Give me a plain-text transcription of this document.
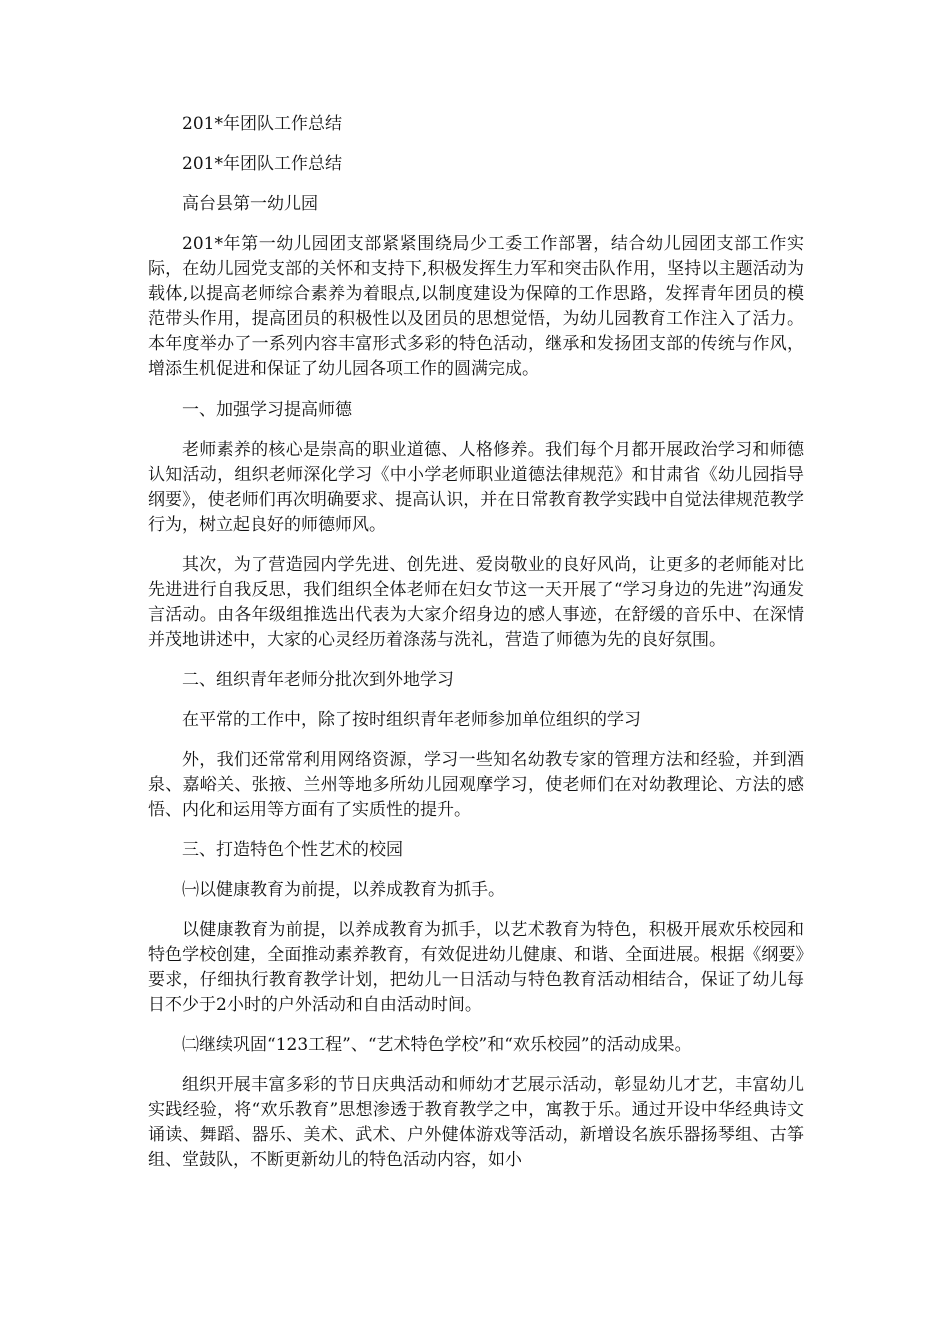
201*年团队工作总结

201*年团队工作总结

高台县第一幼儿园

201*年第一幼儿园团支部紧紧围绕局少工委工作部署，结合幼儿园团支部工作实际，在幼儿园党支部的关怀和支持下,积极发挥生力军和突击队作用，坚持以主题活动为载体,以提高老师综合素养为着眼点,以制度建设为保障的工作思路，发挥青年团员的模范带头作用，提高团员的积极性以及团员的思想觉悟，为幼儿园教育工作注入了活力。本年度举办了一系列内容丰富形式多彩的特色活动，继承和发扬团支部的传统与作风，增添生机促进和保证了幼儿园各项工作的圆满完成。

一、加强学习提高师德

老师素养的核心是崇高的职业道德、人格修养。我们每个月都开展政治学习和师德认知活动，组织老师深化学习《中小学老师职业道德法律规范》和甘肃省《幼儿园指导纲要》，使老师们再次明确要求、提高认识，并在日常教育教学实践中自觉法律规范教学行为，树立起良好的师德师风。

其次，为了营造园内学先进、创先进、爱岗敬业的良好风尚，让更多的老师能对比先进进行自我反思，我们组织全体老师在妇女节这一天开展了“学习身边的先进”沟通发言活动。由各年级组推选出代表为大家介绍身边的感人事迹，在舒缓的音乐中、在深情并茂地讲述中，大家的心灵经历着涤荡与洗礼，营造了师德为先的良好氛围。

二、组织青年老师分批次到外地学习

在平常的工作中，除了按时组织青年老师参加单位组织的学习

外，我们还常常利用网络资源，学习一些知名幼教专家的管理方法和经验，并到酒泉、嘉峪关、张掖、兰州等地多所幼儿园观摩学习，使老师们在对幼教理论、方法的感悟、内化和运用等方面有了实质性的提升。

三、打造特色个性艺术的校园

㈠以健康教育为前提，以养成教育为抓手。

以健康教育为前提，以养成教育为抓手，以艺术教育为特色，积极开展欢乐校园和特色学校创建，全面推动素养教育，有效促进幼儿健康、和谐、全面进展。根据《纲要》要求，仔细执行教育教学计划，把幼儿一日活动与特色教育活动相结合，保证了幼儿每日不少于2小时的户外活动和自由活动时间。

㈡继续巩固“123工程”、“艺术特色学校”和“欢乐校园”的活动成果。

组织开展丰富多彩的节日庆典活动和师幼才艺展示活动，彰显幼儿才艺，丰富幼儿实践经验，将“欢乐教育”思想渗透于教育教学之中，寓教于乐。通过开设中华经典诗文诵读、舞蹈、器乐、美术、武术、户外健体游戏等活动，新增设名族乐器扬琴组、古筝组、堂鼓队，不断更新幼儿的特色活动内容，如小
